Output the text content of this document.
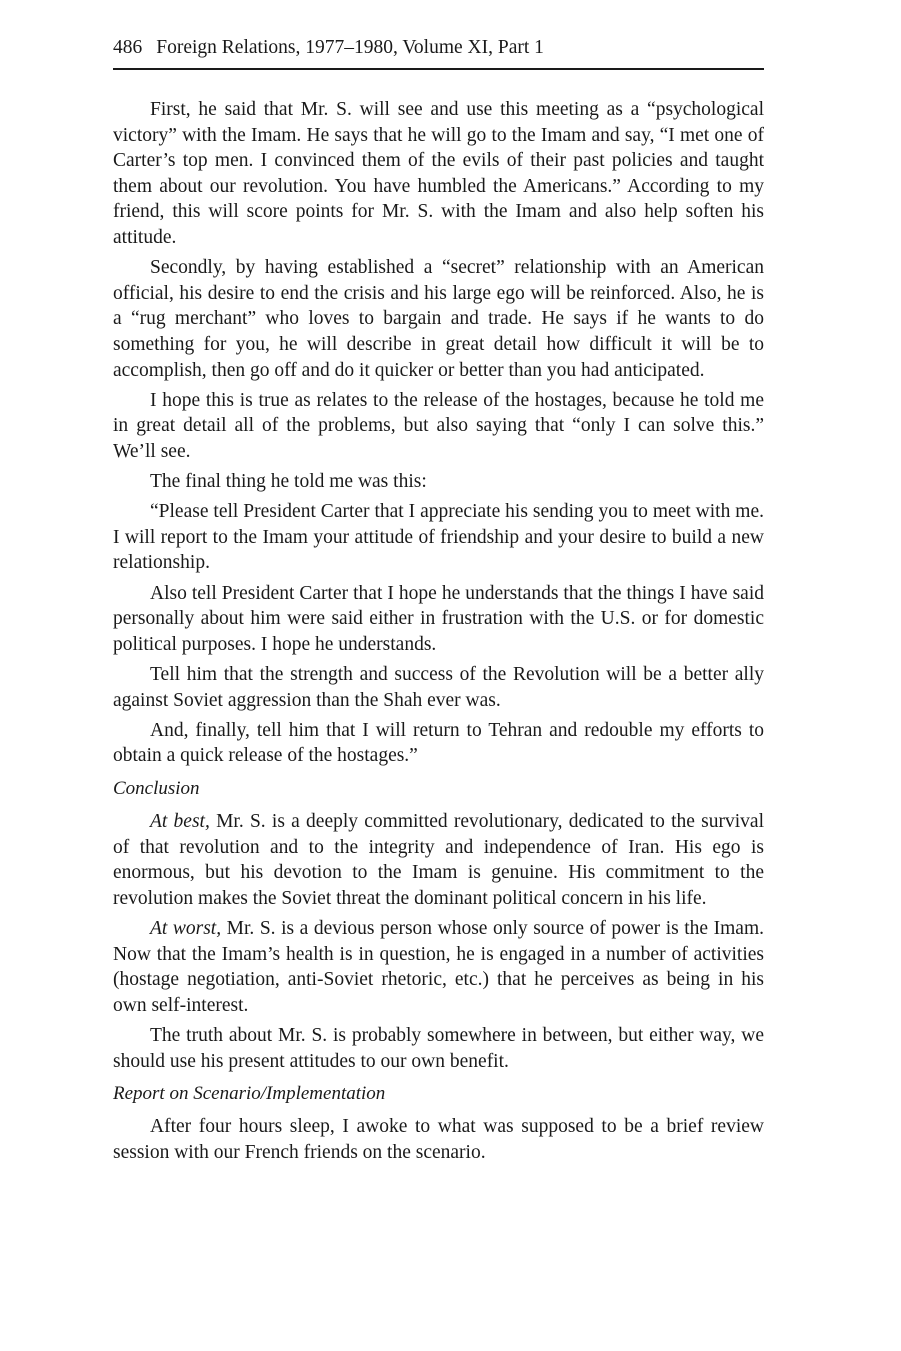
486 Foreign Relations, 1977–1980, Volume XI, Part 1

First, he said that Mr. S. will see and use this meeting as a “psychological victory” with the Imam. He says that he will go to the Imam and say, “I met one of Carter’s top men. I convinced them of the evils of their past policies and taught them about our revolution. You have humbled the Americans.” According to my friend, this will score points for Mr. S. with the Imam and also help soften his attitude.

Secondly, by having established a “secret” relationship with an American official, his desire to end the crisis and his large ego will be reinforced. Also, he is a “rug merchant” who loves to bargain and trade. He says if he wants to do something for you, he will describe in great detail how difficult it will be to accomplish, then go off and do it quicker or better than you had anticipated.

I hope this is true as relates to the release of the hostages, because he told me in great detail all of the problems, but also saying that “only I can solve this.” We’ll see.

The final thing he told me was this:

“Please tell President Carter that I appreciate his sending you to meet with me. I will report to the Imam your attitude of friendship and your desire to build a new relationship.

Also tell President Carter that I hope he understands that the things I have said personally about him were said either in frustration with the U.S. or for domestic political purposes. I hope he understands.

Tell him that the strength and success of the Revolution will be a better ally against Soviet aggression than the Shah ever was.

And, finally, tell him that I will return to Tehran and redouble my efforts to obtain a quick release of the hostages.”

Conclusion

At best, Mr. S. is a deeply committed revolutionary, dedicated to the survival of that revolution and to the integrity and independence of Iran. His ego is enormous, but his devotion to the Imam is genuine. His commitment to the revolution makes the Soviet threat the dominant political concern in his life.

At worst, Mr. S. is a devious person whose only source of power is the Imam. Now that the Imam’s health is in question, he is engaged in a number of activities (hostage negotiation, anti-Soviet rhetoric, etc.) that he perceives as being in his own self-interest.

The truth about Mr. S. is probably somewhere in between, but either way, we should use his present attitudes to our own benefit.

Report on Scenario/Implementation

After four hours sleep, I awoke to what was supposed to be a brief review session with our French friends on the scenario.
